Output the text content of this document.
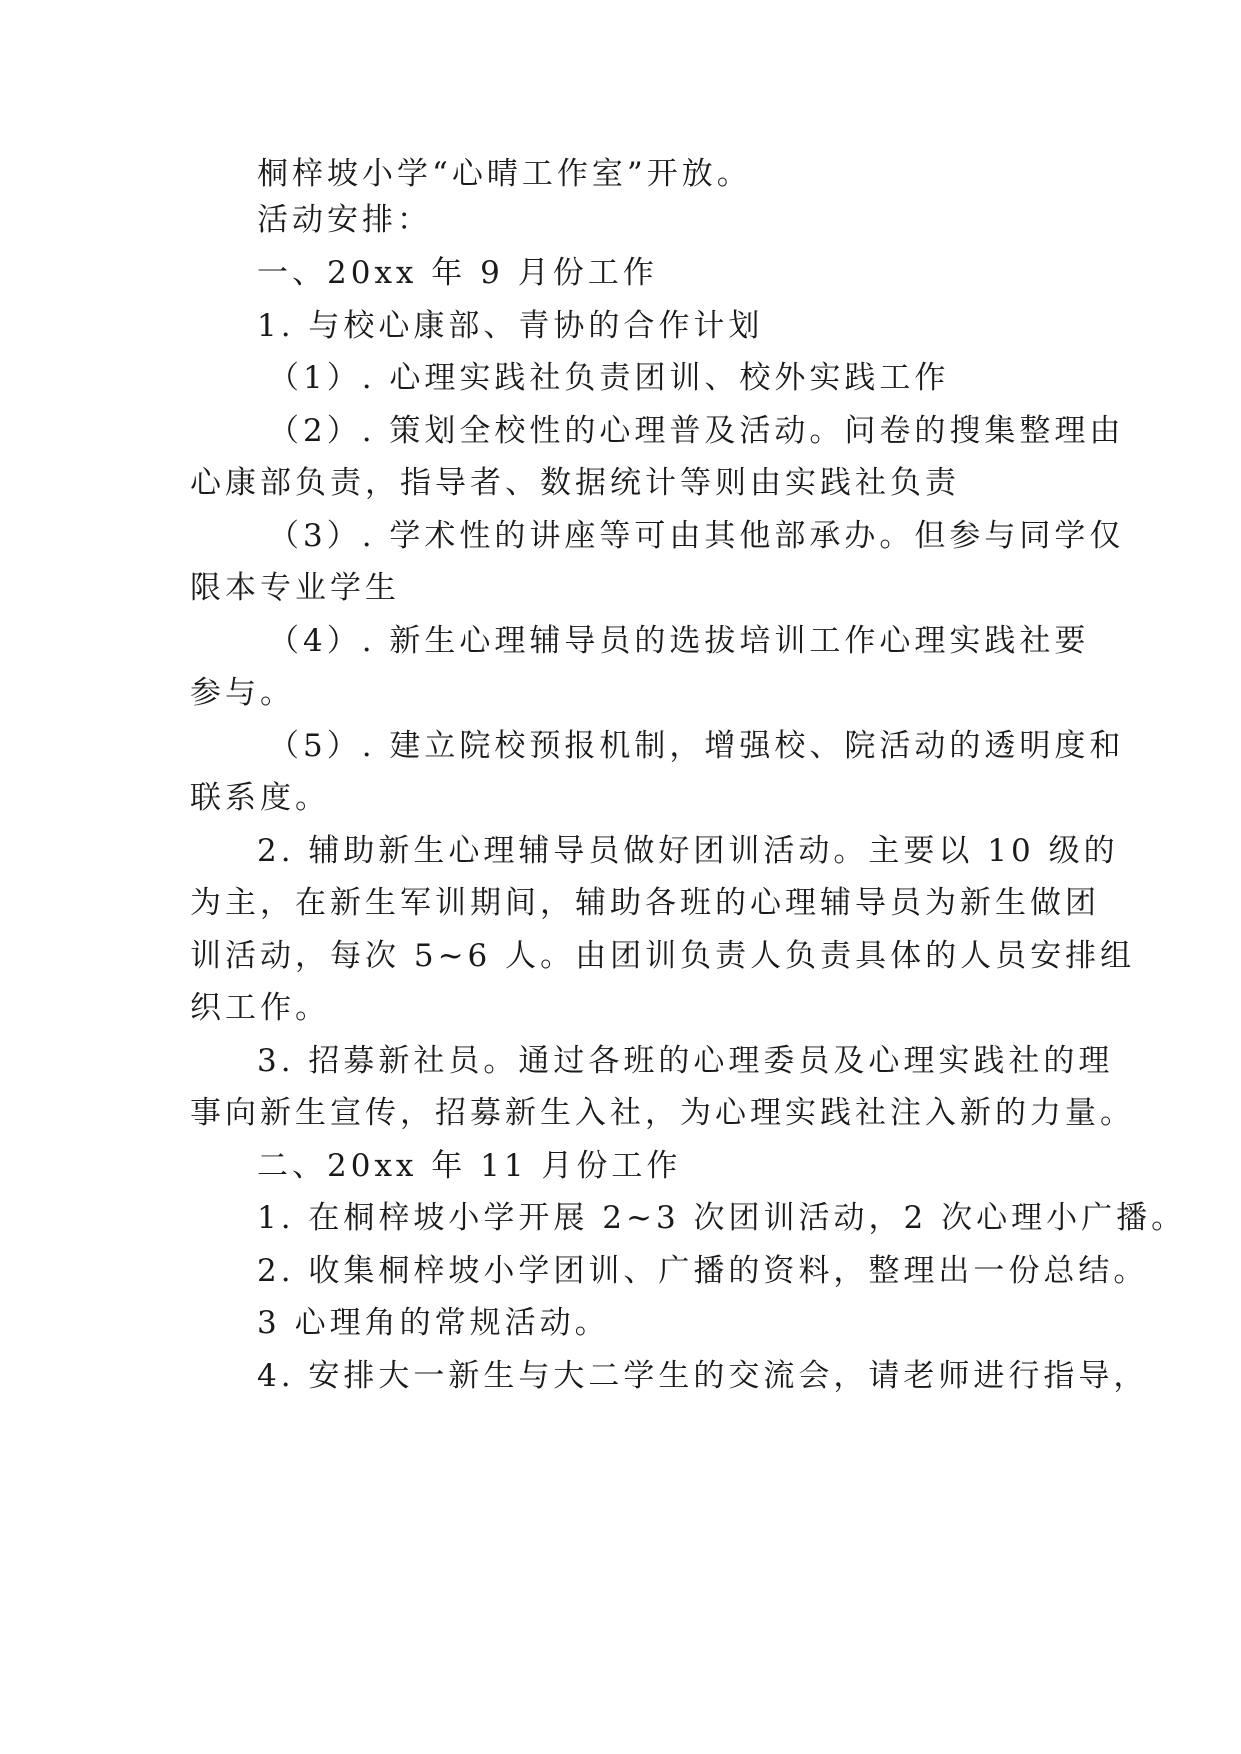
桐梓坡小学“心晴工作室”开放。
活动安排：
一、20xx 年 9 月份工作
1. 与校心康部、青协的合作计划
（1）. 心理实践社负责团训、校外实践工作
（2）. 策划全校性的心理普及活动。问卷的搜集整理由
心康部负责，指导者、数据统计等则由实践社负责
（3）. 学术性的讲座等可由其他部承办。但参与同学仅
限本专业学生
（4）. 新生心理辅导员的选拔培训工作心理实践社要
参与。
（5）. 建立院校预报机制，增强校、院活动的透明度和
联系度。
2. 辅助新生心理辅导员做好团训活动。主要以 10 级的
为主，在新生军训期间，辅助各班的心理辅导员为新生做团
训活动，每次 5~6 人。由团训负责人负责具体的人员安排组
织工作。
3. 招募新社员。通过各班的心理委员及心理实践社的理
事向新生宣传，招募新生入社，为心理实践社注入新的力量。
二、20xx 年 11 月份工作
1. 在桐梓坡小学开展 2~3 次团训活动，2 次心理小广播。
2. 收集桐梓坡小学团训、广播的资料，整理出一份总结。
3 心理角的常规活动。
4. 安排大一新生与大二学生的交流会，请老师进行指导，
